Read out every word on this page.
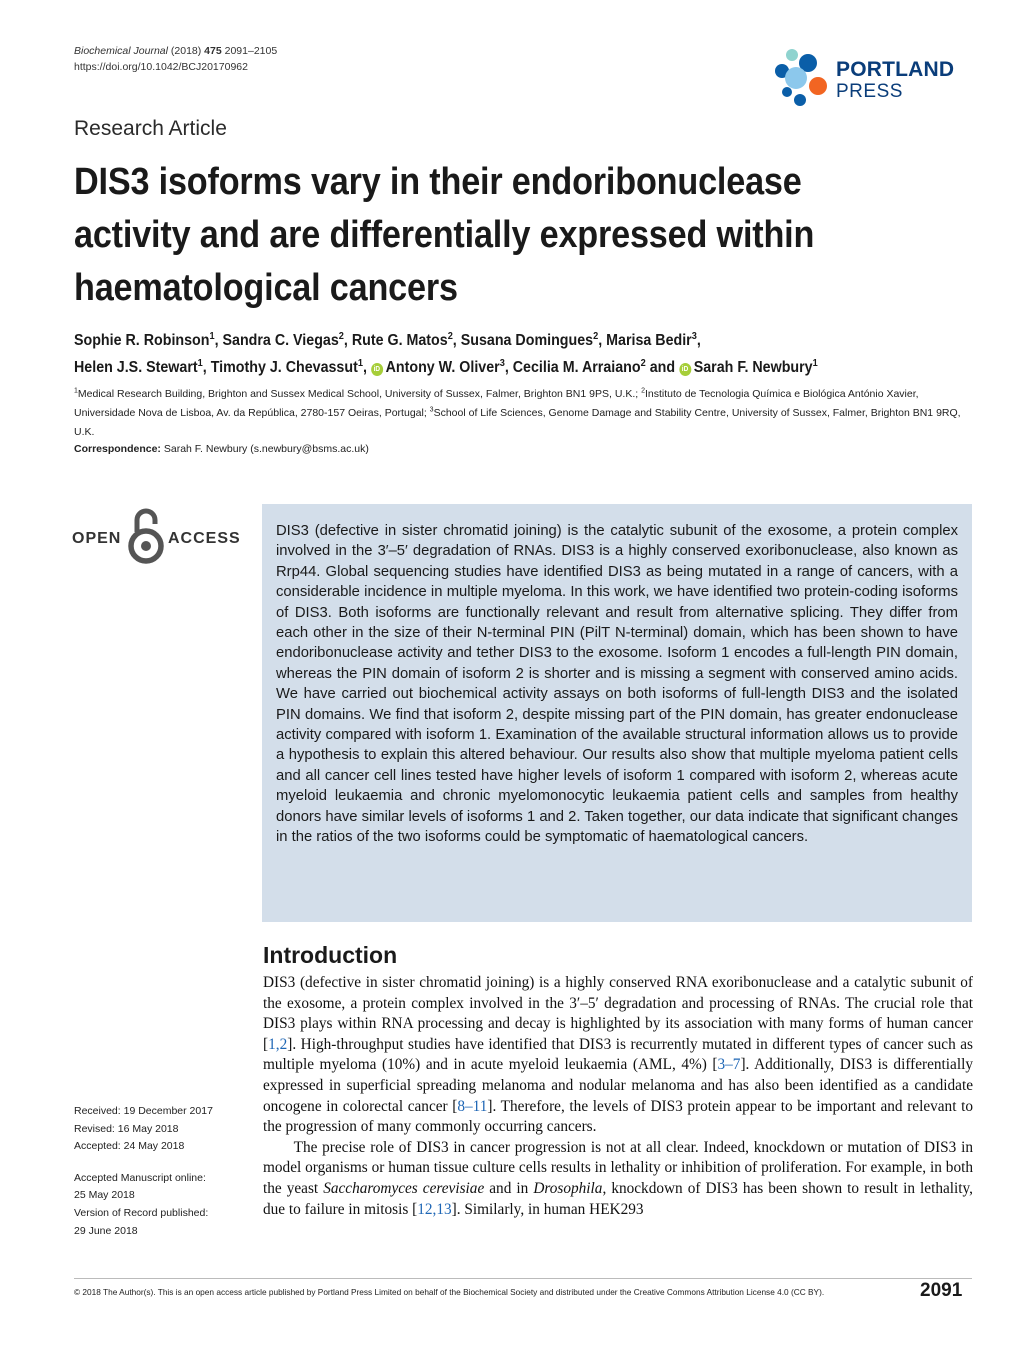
Biochemical Journal (2018) 475 2091–2105
https://doi.org/10.1042/BCJ20170962	PORTLAND
PRESS
Research Article
DIS3 isoforms vary in their endoribonuclease activity and are differentially expressed within haematological cancers
Sophie R. Robinson$^1$, Sandra C. Viegas$^2$, Rute G. Matos$^2$, Susana Domingues$^2$, Marisa Bedir$^3$,
Helen J.S. Stewart$^1$, Timothy J. Chevassut$^1$, iD Antony W. Oliver$^3$, Cecilia M. Arraiano$^2$ and iD Sarah F. Newbury$^1$
$^1$Medical Research Building, Brighton and Sussex Medical School, University of Sussex, Falmer, Brighton BN1 9PS, U.K.; $^2$Instituto de Tecnologia Química e Biológica António Xavier, Universidade Nova de Lisboa, Av. da República, 2780-157 Oeiras, Portugal; $^3$School of Life Sciences, Genome Damage and Stability Centre, University of Sussex, Falmer, Brighton BN1 9RQ, U.K.
Correspondence: Sarah F. Newbury (s.newbury@bsms.ac.uk)
OPEN	ACCESS DIS3 (defective in sister chromatid joining) is the catalytic subunit of the exosome, a protein complex involved in the 3′–5′ degradation of RNAs. DIS3 is a highly conserved exoribonuclease, also known as Rrp44. Global sequencing studies have identified DIS3 as being mutated in a range of cancers, with a considerable incidence in multiple myeloma. In this work, we have identified two protein-coding isoforms of DIS3. Both isoforms are functionally relevant and result from alternative splicing. They differ from each other in the size of their N-terminal PIN (PilT N-terminal) domain, which has been shown to have endoribonuclease activity and tether DIS3 to the exosome. Isoform 1 encodes a full-length PIN domain, whereas the PIN domain of isoform 2 is shorter and is missing a segment with conserved amino acids. We have carried out biochemical activity assays on both isoforms of full-length DIS3 and the isolated PIN domains. We find that isoform 2, despite missing part of the PIN domain, has greater endonuclease activity compared with isoform 1. Examination of the available structural information allows us to provide a hypothesis to explain this altered behaviour. Our results also show that multiple myeloma patient cells and all cancer cell lines tested have higher levels of isoform 1 compared with isoform 2, whereas acute myeloid leukaemia and chronic myelomonocytic leukaemia patient cells and samples from healthy donors have similar levels of isoforms 1 and 2. Taken together, our data indicate that significant changes in the ratios of the two isoforms could be symptomatic of haematological cancers.
Introduction

DIS3 (defective in sister chromatid joining) is a highly conserved RNA exoribonuclease and a catalytic subunit of the exosome, a protein complex involved in the 3′–5′ degradation and processing of RNAs. The crucial role that DIS3 plays within RNA processing and decay is highlighted by its association with many forms of human cancer [1,2]. High-throughput studies have identified that DIS3 is recurrently mutated in different types of cancer such as multiple myeloma (10%) and in acute myeloid leukaemia (AML, 4%) [3–7]. Additionally, DIS3 is differentially expressed in superficial spreading melanoma and nodular melanoma and has also been identified as a candidate oncogene in colorectal cancer [8–11]. Therefore, the levels of DIS3 protein appear to be important and relevant to the progression of many commonly occurring cancers.

The precise role of DIS3 in cancer progression is not at all clear. Indeed, knockdown or mutation of DIS3 in model organisms or human tissue culture cells results in lethality or inhibition of proliferation. For example, in both the yeast Saccharomyces cerevisiae and in Drosophila, knockdown of DIS3 has been shown to result in lethality, due to failure in mitosis [12,13]. Similarly, in human HEK293

Received: 19 December 2017
Revised: 16 May 2018
Accepted: 24 May 2018
Accepted Manuscript online:
25 May 2018
Version of Record published:
29 June 2018
© 2018 The Author(s). This is an open access article published by Portland Press Limited on behalf of the Biochemical Society and distributed under the Creative Commons Attribution License 4.0 (CC BY).	2091
